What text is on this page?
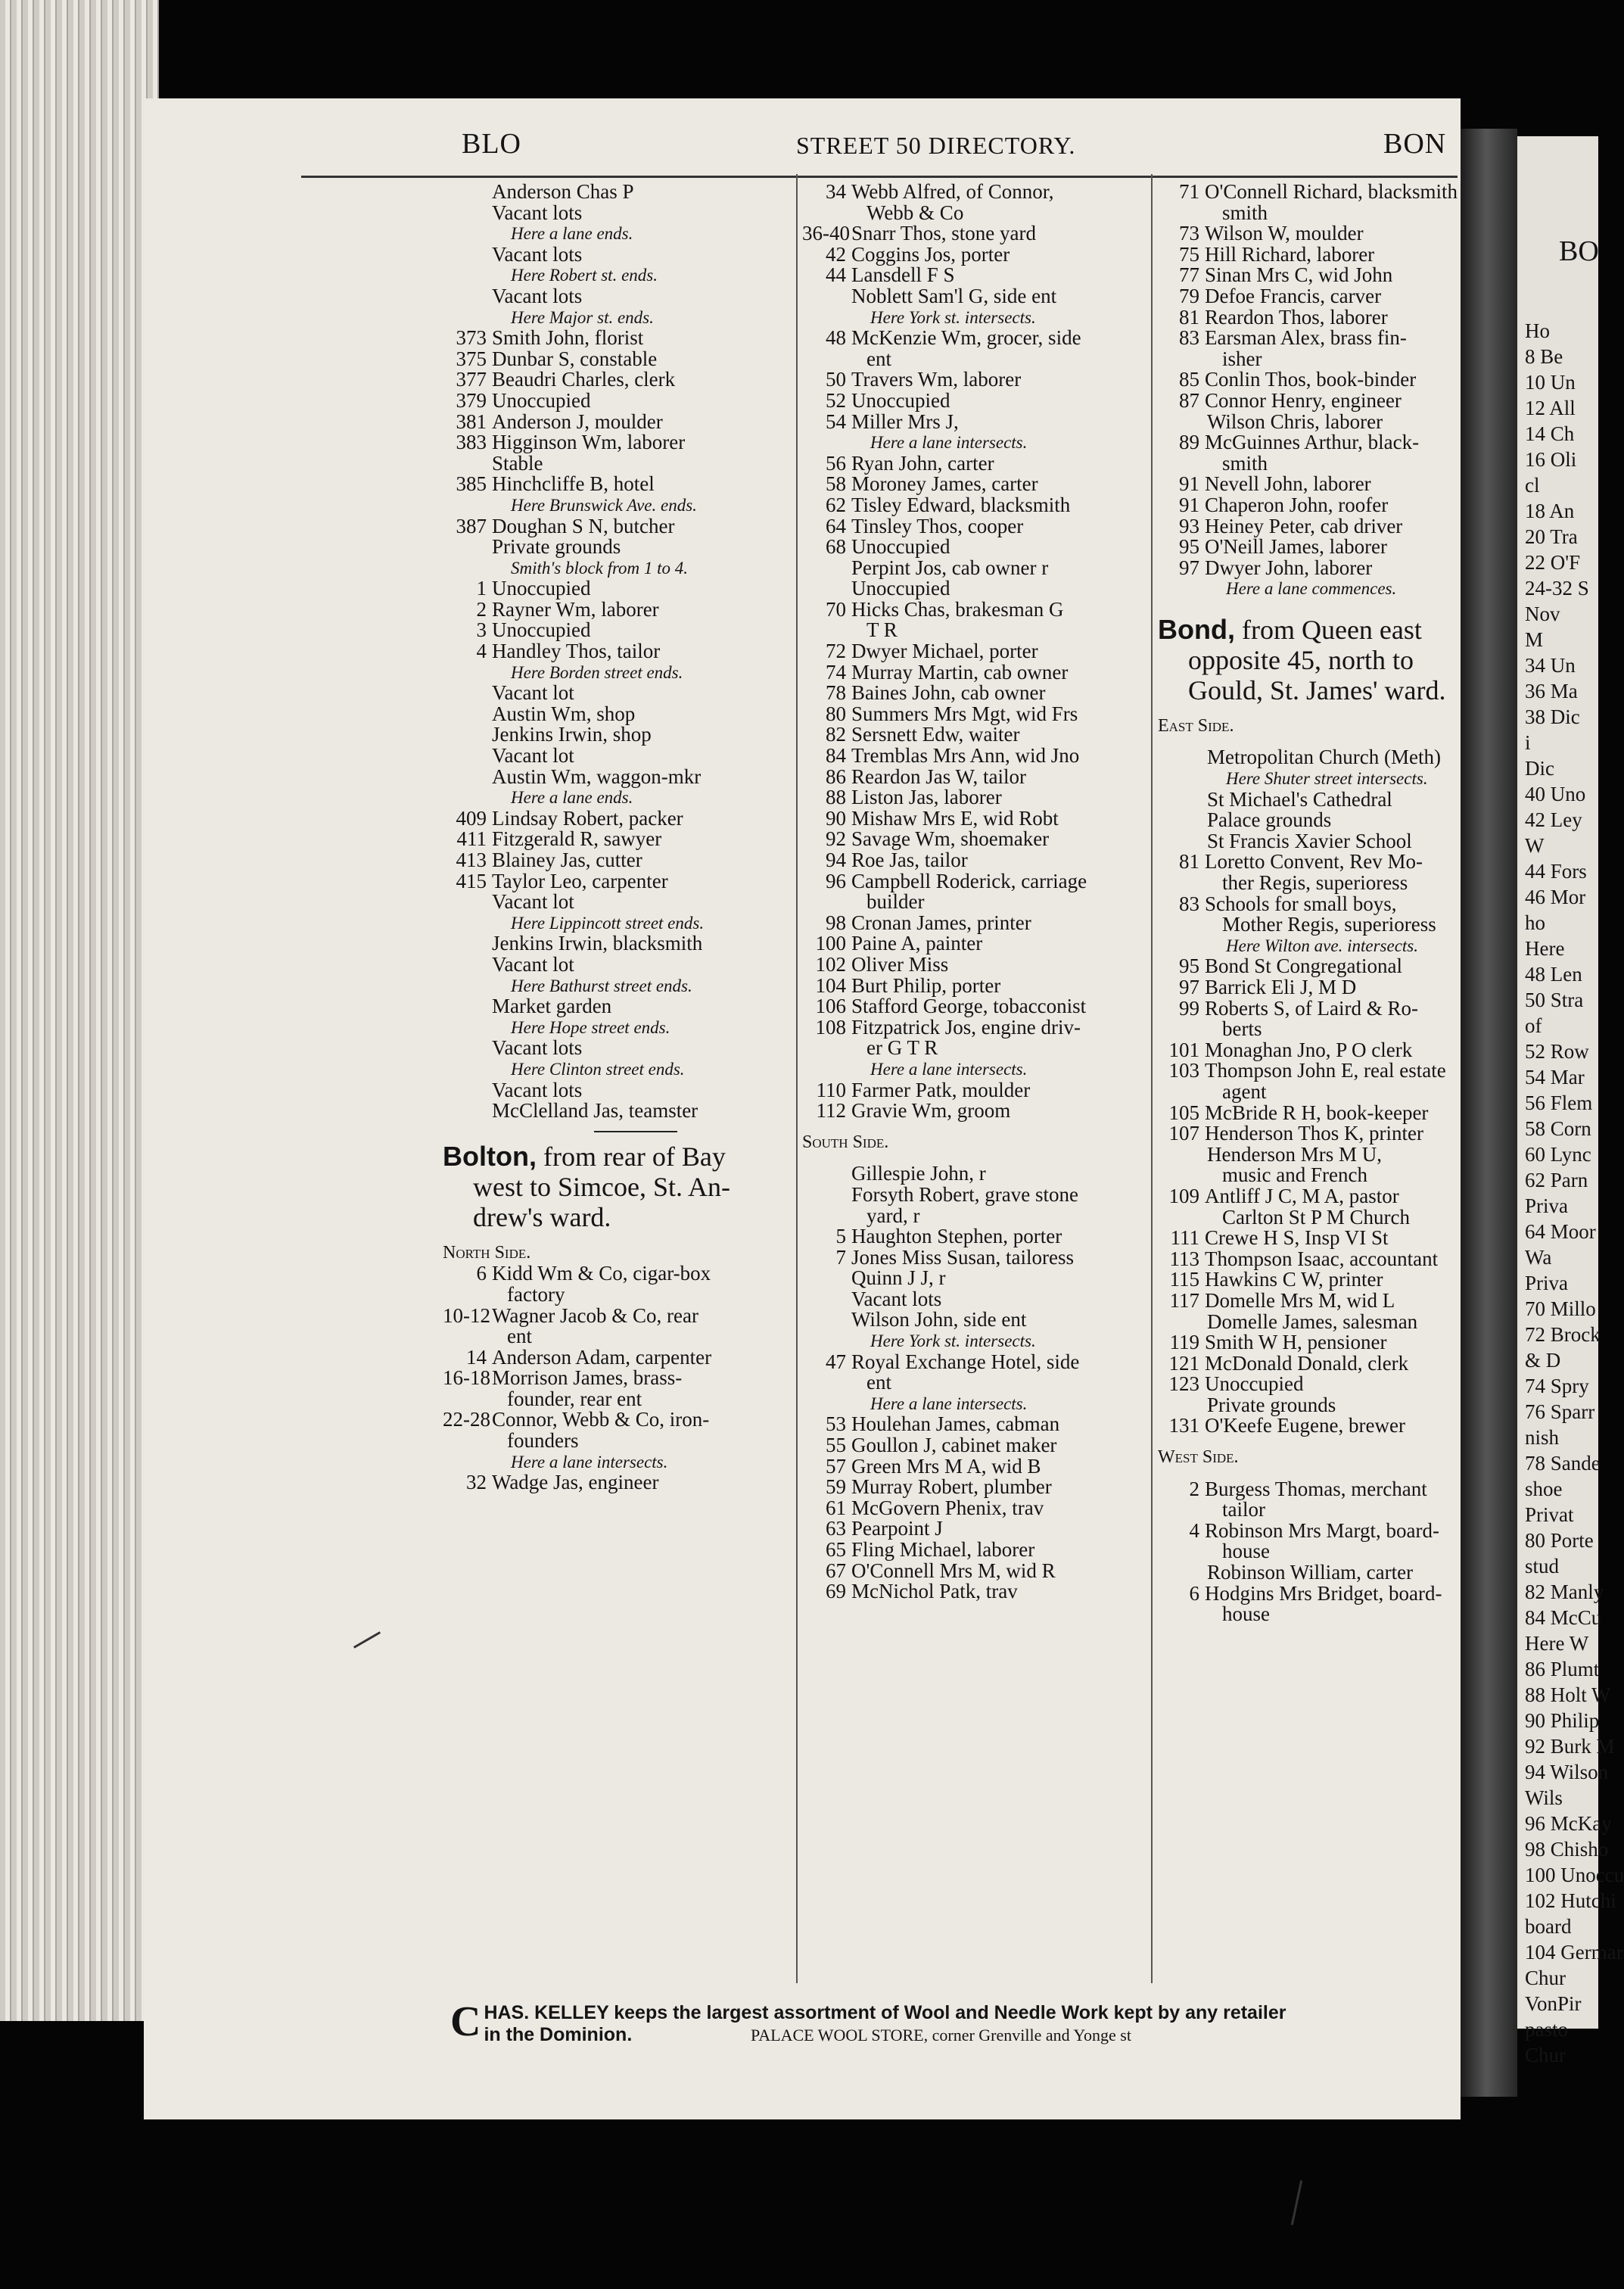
BO
Ho
8 Be
10 Un
12 All
14 Ch
16 Oli
cl
18 An
20 Tra
22 O'F
24-32 S
Nov
M
34 Un
36 Ma
38 Dic
i
Dic
40 Uno
42 Ley
W
44 Fors
46 Mor
ho
Here
48 Len
50 Stra
of
52 Row
54 Mar
56 Flem
58 Corn
60 Lync
62 Parn
Priva
64 Moor
Wa
Priva
70 Millo
72 Brock
& D
74 Spry
76 Sparr
nish
78 Sande
shoe
Privat
80 Porte
stud
82 Manly
84 McCu
Here W
86 Plumt
88 Holt W
90 Philip
92 Burk M
94 Wilson
Wils
96 McKay
98 Chisho
100 Unoccu
102 Hutchi
board
104 Germar
Chur
VonPir
pasto
Chur
BLO	STREET 50 DIRECTORY.	BON
Anderson Chas P
Vacant lots
Here a lane ends.
Vacant lots
Here Robert st. ends.
Vacant lots
Here Major st. ends.
373 Smith John, florist
375 Dunbar S, constable
377 Beaudri Charles, clerk
379 Unoccupied
381 Anderson J, moulder
383 Higginson Wm, laborer
Stable
385 Hinchcliffe B, hotel
Here Brunswick Ave. ends.
387 Doughan S N, butcher
Private grounds
Smith's block from 1 to 4.
1 Unoccupied
2 Rayner Wm, laborer
3 Unoccupied
4 Handley Thos, tailor
Here Borden street ends.
Vacant lot
Austin Wm, shop
Jenkins Irwin, shop
Vacant lot
Austin Wm, waggon-mkr
Here a lane ends.
409 Lindsay Robert, packer
411 Fitzgerald R, sawyer
413 Blainey Jas, cutter
415 Taylor Leo, carpenter
Vacant lot
Here Lippincott street ends.
Jenkins Irwin, blacksmith
Vacant lot
Here Bathurst street ends.
Market garden
Here Hope street ends.
Vacant lots
Here Clinton street ends.
Vacant lots
McClelland Jas, teamster
Bolton, from rear of Bay
west to Simcoe, St. An-
drew's ward.
North Side.
6 Kidd Wm & Co, cigar-box
factory
10-12 Wagner Jacob & Co, rear
ent
14 Anderson Adam, carpenter
16-18 Morrison James, brass-
founder, rear ent
22-28 Connor, Webb & Co, iron-
founders
Here a lane intersects.
32 Wadge Jas, engineer
34 Webb Alfred, of Connor,
Webb & Co
36-40 Snarr Thos, stone yard
42 Coggins Jos, porter
44 Lansdell F S
Noblett Sam'l G, side ent
Here York st. intersects.
48 McKenzie Wm, grocer, side
ent
50 Travers Wm, laborer
52 Unoccupied
54 Miller Mrs J,
Here a lane intersects.
56 Ryan John, carter
58 Moroney James, carter
62 Tisley Edward, blacksmith
64 Tinsley Thos, cooper
68 Unoccupied
Perpint Jos, cab owner r
Unoccupied
70 Hicks Chas, brakesman G
T R
72 Dwyer Michael, porter
74 Murray Martin, cab owner
78 Baines John, cab owner
80 Summers Mrs Mgt, wid Frs
82 Sersnett Edw, waiter
84 Tremblas Mrs Ann, wid Jno
86 Reardon Jas W, tailor
88 Liston Jas, laborer
90 Mishaw Mrs E, wid Robt
92 Savage Wm, shoemaker
94 Roe Jas, tailor
96 Campbell Roderick, carriage
builder
98 Cronan James, printer
100 Paine A, painter
102 Oliver Miss
104 Burt Philip, porter
106 Stafford George, tobacconist
108 Fitzpatrick Jos, engine driv-
er G T R
Here a lane intersects.
110 Farmer Patk, moulder
112 Gravie Wm, groom
South Side.
Gillespie John, r
Forsyth Robert, grave stone
yard, r
5 Haughton Stephen, porter
7 Jones Miss Susan, tailoress
Quinn J J, r
Vacant lots
Wilson John, side ent
Here York st. intersects.
47 Royal Exchange Hotel, side
ent
Here a lane intersects.
53 Houlehan James, cabman
55 Goullon J, cabinet maker
57 Green Mrs M A, wid B
59 Murray Robert, plumber
61 McGovern Phenix, trav
63 Pearpoint J
65 Fling Michael, laborer
67 O'Connell Mrs M, wid R
69 McNichol Patk, trav
71 O'Connell Richard, blacksmith
smith
73 Wilson W, moulder
75 Hill Richard, laborer
77 Sinan Mrs C, wid John
79 Defoe Francis, carver
81 Reardon Thos, laborer
83 Earsman Alex, brass fin-
isher
85 Conlin Thos, book-binder
87 Connor Henry, engineer
Wilson Chris, laborer
89 McGuinnes Arthur, black-
smith
91 Nevell John, laborer
91 Chaperon John, roofer
93 Heiney Peter, cab driver
95 O'Neill James, laborer
97 Dwyer John, laborer
Here a lane commences.
Bond, from Queen east
opposite 45, north to
Gould, St. James' ward.
East Side.
Metropolitan Church (Meth)
Here Shuter street intersects.
St Michael's Cathedral
Palace grounds
St Francis Xavier School
81 Loretto Convent, Rev Mo-
ther Regis, superioress
83 Schools for small boys,
Mother Regis, superioress
Here Wilton ave. intersects.
95 Bond St Congregational
97 Barrick Eli J, M D
99 Roberts S, of Laird & Ro-
berts
101 Monaghan Jno, P O clerk
103 Thompson John E, real estate
agent
105 McBride R H, book-keeper
107 Henderson Thos K, printer
Henderson Mrs M U,
music and French
109 Antliff J C, M A, pastor
Carlton St P M Church
111 Crewe H S, Insp VI St
113 Thompson Isaac, accountant
115 Hawkins C W, printer
117 Domelle Mrs M, wid L
Domelle James, salesman
119 Smith W H, pensioner
121 McDonald Donald, clerk
123 Unoccupied
Private grounds
131 O'Keefe Eugene, brewer
West Side.
2 Burgess Thomas, merchant
tailor
4 Robinson Mrs Margt, board-
house
Robinson William, carter
6 Hodgins Mrs Bridget, board-
house
C HAS. KELLEY keeps the largest assortment of Wool and Needle Work kept by any retailer
in the Dominion.	PALACE WOOL STORE, corner Grenville and Yonge st
